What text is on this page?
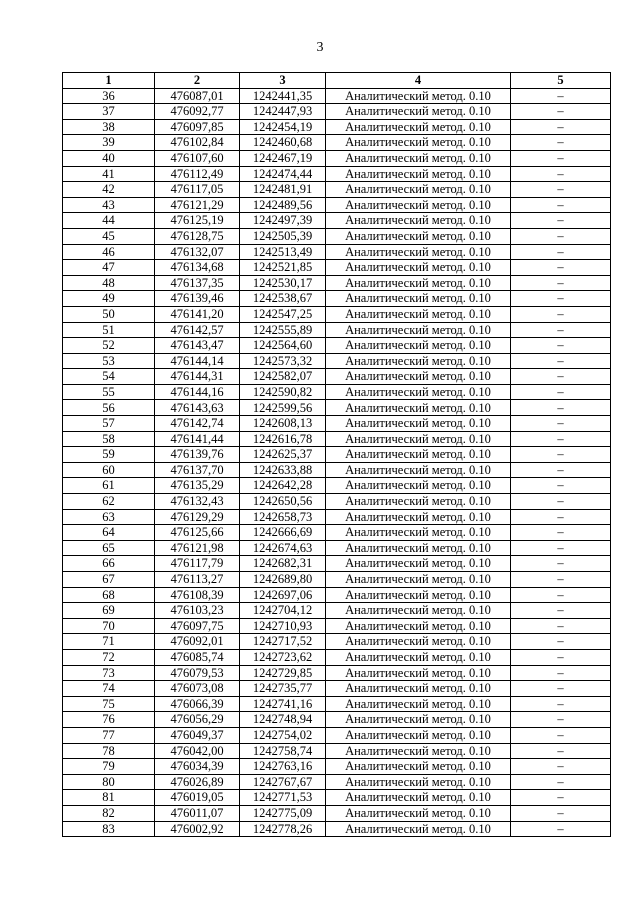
3
1	2	3	4	5
36	476087,01	1242441,35	Аналитический метод. 0.10	–
37	476092,77	1242447,93	Аналитический метод. 0.10	–
38	476097,85	1242454,19	Аналитический метод. 0.10	–
39	476102,84	1242460,68	Аналитический метод. 0.10	–
40	476107,60	1242467,19	Аналитический метод. 0.10	–
41	476112,49	1242474,44	Аналитический метод. 0.10	–
42	476117,05	1242481,91	Аналитический метод. 0.10	–
43	476121,29	1242489,56	Аналитический метод. 0.10	–
44	476125,19	1242497,39	Аналитический метод. 0.10	–
45	476128,75	1242505,39	Аналитический метод. 0.10	–
46	476132,07	1242513,49	Аналитический метод. 0.10	–
47	476134,68	1242521,85	Аналитический метод. 0.10	–
48	476137,35	1242530,17	Аналитический метод. 0.10	–
49	476139,46	1242538,67	Аналитический метод. 0.10	–
50	476141,20	1242547,25	Аналитический метод. 0.10	–
51	476142,57	1242555,89	Аналитический метод. 0.10	–
52	476143,47	1242564,60	Аналитический метод. 0.10	–
53	476144,14	1242573,32	Аналитический метод. 0.10	–
54	476144,31	1242582,07	Аналитический метод. 0.10	–
55	476144,16	1242590,82	Аналитический метод. 0.10	–
56	476143,63	1242599,56	Аналитический метод. 0.10	–
57	476142,74	1242608,13	Аналитический метод. 0.10	–
58	476141,44	1242616,78	Аналитический метод. 0.10	–
59	476139,76	1242625,37	Аналитический метод. 0.10	–
60	476137,70	1242633,88	Аналитический метод. 0.10	–
61	476135,29	1242642,28	Аналитический метод. 0.10	–
62	476132,43	1242650,56	Аналитический метод. 0.10	–
63	476129,29	1242658,73	Аналитический метод. 0.10	–
64	476125,66	1242666,69	Аналитический метод. 0.10	–
65	476121,98	1242674,63	Аналитический метод. 0.10	–
66	476117,79	1242682,31	Аналитический метод. 0.10	–
67	476113,27	1242689,80	Аналитический метод. 0.10	–
68	476108,39	1242697,06	Аналитический метод. 0.10	–
69	476103,23	1242704,12	Аналитический метод. 0.10	–
70	476097,75	1242710,93	Аналитический метод. 0.10	–
71	476092,01	1242717,52	Аналитический метод. 0.10	–
72	476085,74	1242723,62	Аналитический метод. 0.10	–
73	476079,53	1242729,85	Аналитический метод. 0.10	–
74	476073,08	1242735,77	Аналитический метод. 0.10	–
75	476066,39	1242741,16	Аналитический метод. 0.10	–
76	476056,29	1242748,94	Аналитический метод. 0.10	–
77	476049,37	1242754,02	Аналитический метод. 0.10	–
78	476042,00	1242758,74	Аналитический метод. 0.10	–
79	476034,39	1242763,16	Аналитический метод. 0.10	–
80	476026,89	1242767,67	Аналитический метод. 0.10	–
81	476019,05	1242771,53	Аналитический метод. 0.10	–
82	476011,07	1242775,09	Аналитический метод. 0.10	–
83	476002,92	1242778,26	Аналитический метод. 0.10	–
